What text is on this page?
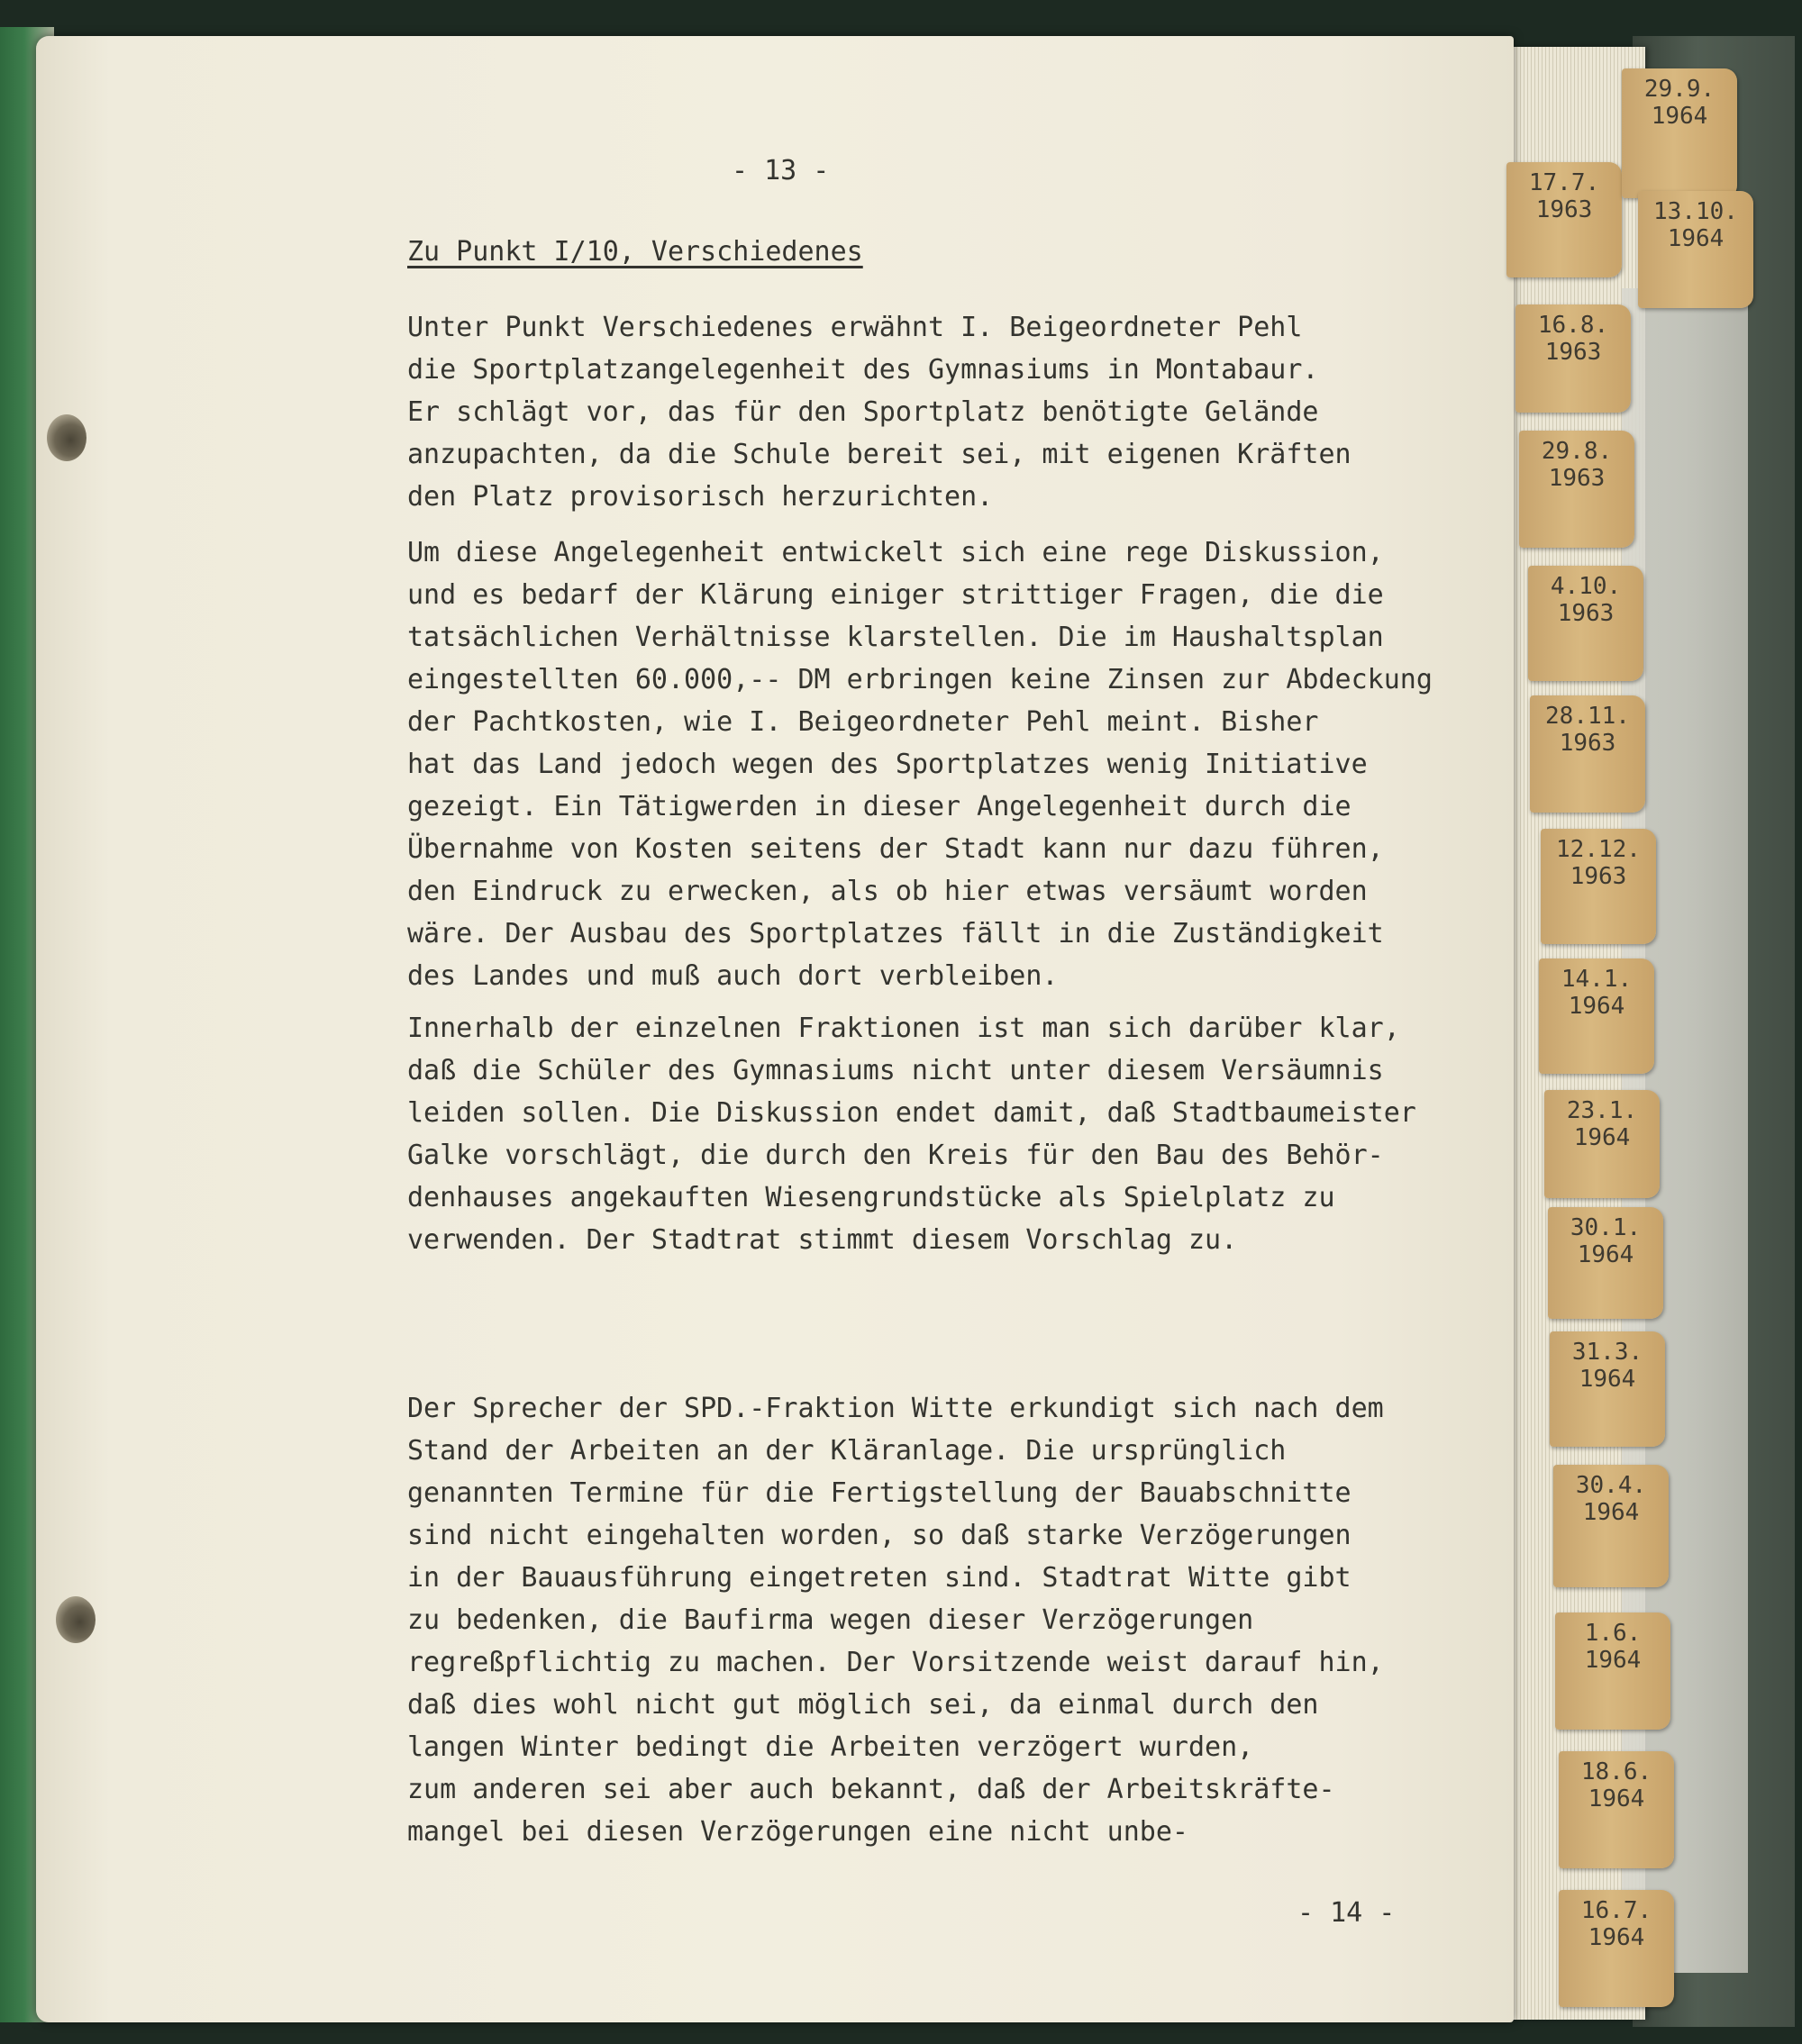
- 13 -
Zu Punkt I/10, Verschiedenes
Unter Punkt Verschiedenes erwähnt I. Beigeordneter Pehl
die Sportplatzangelegenheit des Gymnasiums in Montabaur.
Er schlägt vor, das für den Sportplatz benötigte Gelände
anzupachten, da die Schule bereit sei, mit eigenen Kräften
den Platz provisorisch herzurichten.
Um diese Angelegenheit entwickelt sich eine rege Diskussion,
und es bedarf der Klärung einiger strittiger Fragen, die die
tatsächlichen Verhältnisse klarstellen. Die im Haushaltsplan
eingestellten 60.000,-- DM erbringen keine Zinsen zur Abdeckung
der Pachtkosten, wie I. Beigeordneter Pehl meint. Bisher
hat das Land jedoch wegen des Sportplatzes wenig Initiative
gezeigt. Ein Tätigwerden in dieser Angelegenheit durch die
Übernahme von Kosten seitens der Stadt kann nur dazu führen,
den Eindruck zu erwecken, als ob hier etwas versäumt worden
wäre. Der Ausbau des Sportplatzes fällt in die Zuständigkeit
des Landes und muß auch dort verbleiben.
Innerhalb der einzelnen Fraktionen ist man sich darüber klar,
daß die Schüler des Gymnasiums nicht unter diesem Versäumnis
leiden sollen. Die Diskussion endet damit, daß Stadtbaumeister
Galke vorschlägt, die durch den Kreis für den Bau des Behör-
denhauses angekauften Wiesengrundstücke als Spielplatz zu
verwenden. Der Stadtrat stimmt diesem Vorschlag zu.
Der Sprecher der SPD.-Fraktion Witte erkundigt sich nach dem
Stand der Arbeiten an der Kläranlage. Die ursprünglich
genannten Termine für die Fertigstellung der Bauabschnitte
sind nicht eingehalten worden, so daß starke Verzögerungen
in der Bauausführung eingetreten sind. Stadtrat Witte gibt
zu bedenken, die Baufirma wegen dieser Verzögerungen
regreßpflichtig zu machen. Der Vorsitzende weist darauf hin,
daß dies wohl nicht gut möglich sei, da einmal durch den
langen Winter bedingt die Arbeiten verzögert wurden,
zum anderen sei aber auch bekannt, daß der Arbeitskräfte-
mangel bei diesen Verzögerungen eine nicht unbe-
- 14 -
17.7.
1963
16.8.
1963
29.8.
1963
4.10.
1963
28.11.
1963
12.12.
1963
14.1.
1964
23.1.
1964
30.1.
1964
31.3.
1964
30.4.
1964
1.6.
1964
18.6.
1964
16.7.
1964
29.9.
1964
13.10.
1964
